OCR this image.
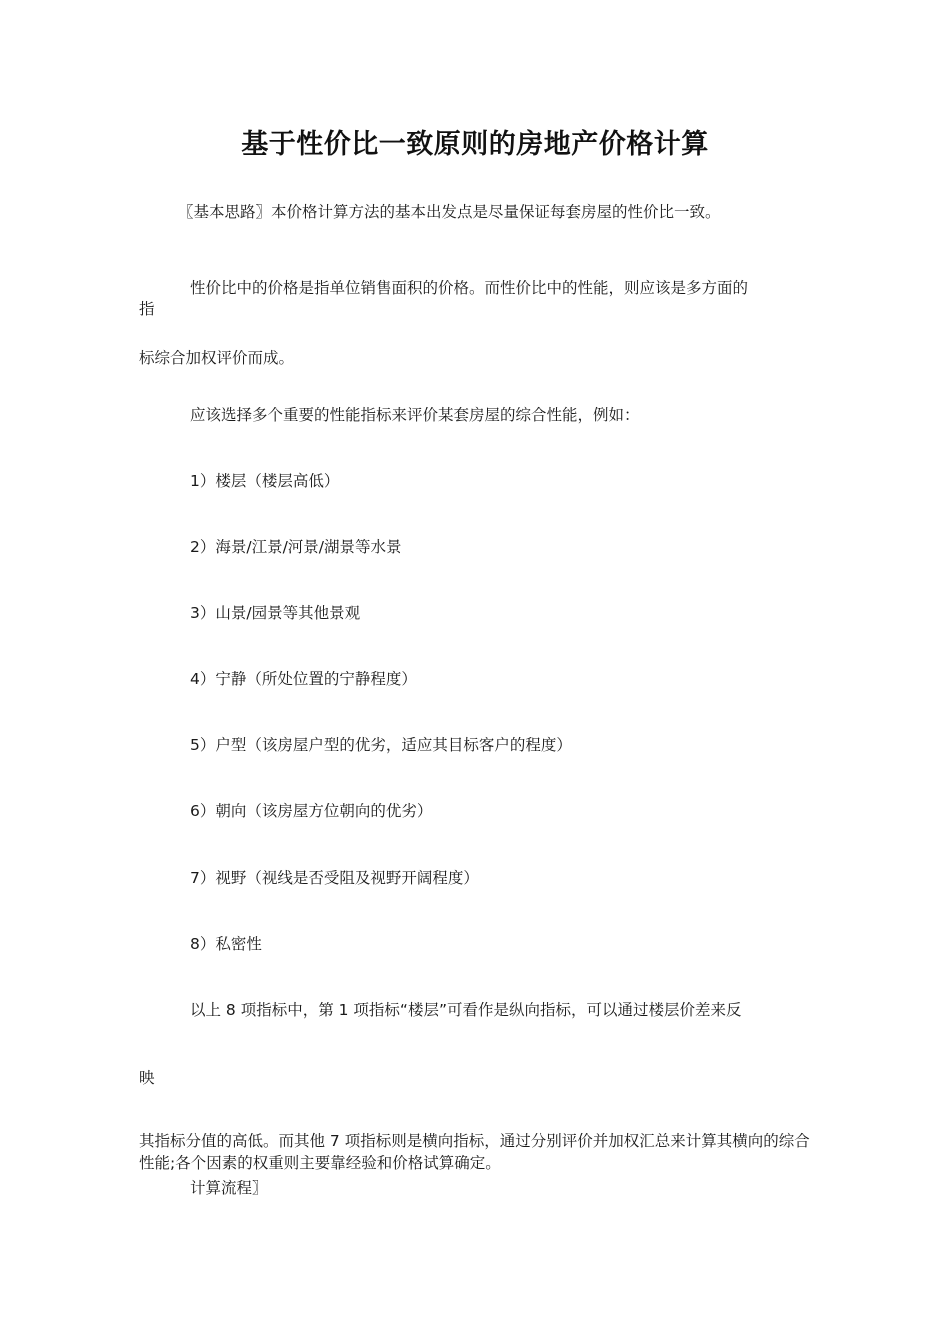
基于性价比一致原则的房地产价格计算
〖基本思路〗本价格计算方法的基本出发点是尽量保证每套房屋的性价比一致。
性价比中的价格是指单位销售面积的价格。而性价比中的性能，则应该是多方面的
指
标综合加权评价而成。
应该选择多个重要的性能指标来评价某套房屋的综合性能，例如：
1）楼层（楼层高低）
2）海景/江景/河景/湖景等水景
3）山景/园景等其他景观
4）宁静（所处位置的宁静程度）
5）户型（该房屋户型的优劣，适应其目标客户的程度）
6）朝向（该房屋方位朝向的优劣）
7）视野（视线是否受阻及视野开阔程度）
8）私密性
以上 8 项指标中，第 1 项指标“楼层”可看作是纵向指标，可以通过楼层价差来反
映
其指标分值的高低。而其他 7 项指标则是横向指标，通过分别评价并加权汇总来计算其横向的综合性能;各个因素的权重则主要靠经验和价格试算确定。
计算流程〗
